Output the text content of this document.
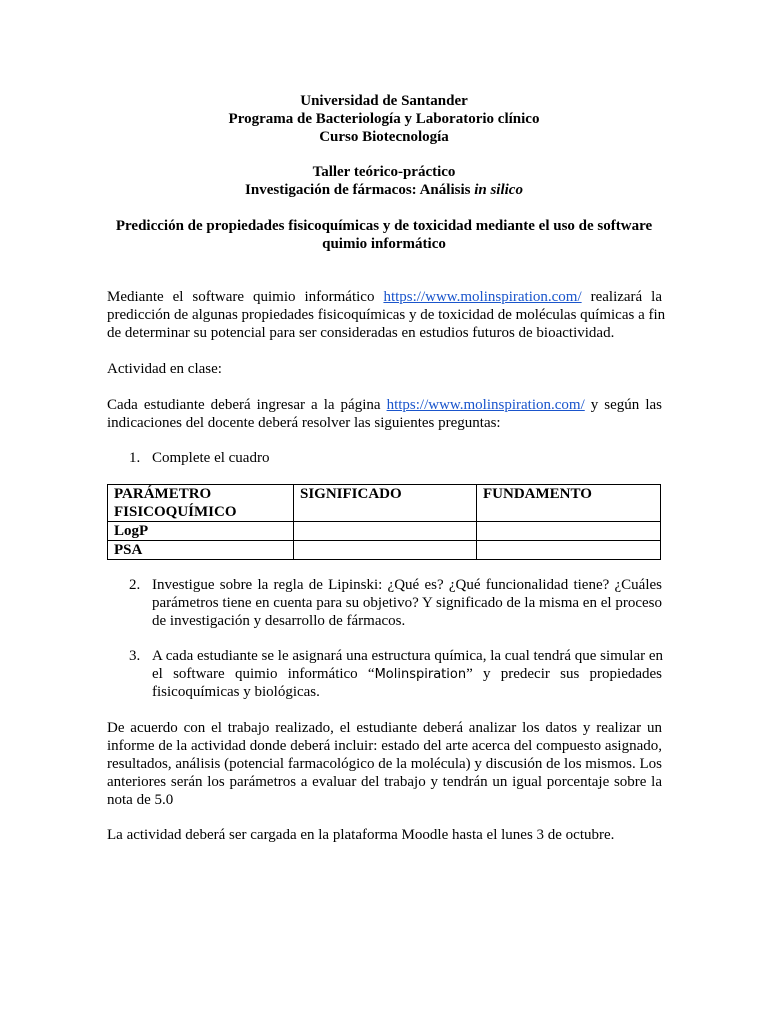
Universidad de Santander
Programa de Bacteriología y Laboratorio clínico
Curso Biotecnología
Taller teórico-práctico
Investigación de fármacos: Análisis in silico
Predicción de propiedades fisicoquímicas y de toxicidad mediante el uso de software
quimio informático
Mediante el software quimio informático https://www.molinspiration.com/ realizará la
predicción de algunas propiedades fisicoquímicas y de toxicidad de moléculas químicas a fin
de determinar su potencial para ser consideradas en estudios futuros de bioactividad.
Actividad en clase:
Cada estudiante deberá ingresar a la página https://www.molinspiration.com/ y según las
indicaciones del docente deberá resolver las siguientes preguntas:
1. Complete el cuadro
PARÁMETRO FISICOQUÍMICO	SIGNIFICADO	FUNDAMENTO
LogP		
PSA		
2. Investigue sobre la regla de Lipinski: ¿Qué es? ¿Qué funcionalidad tiene? ¿Cuáles
parámetros tiene en cuenta para su objetivo? Y significado de la misma en el proceso
de investigación y desarrollo de fármacos.
3. A cada estudiante se le asignará una estructura química, la cual tendrá que simular en
el software quimio informático “Molinspiration” y predecir sus propiedades
fisicoquímicas y biológicas.
De acuerdo con el trabajo realizado, el estudiante deberá analizar los datos y realizar un
informe de la actividad donde deberá incluir: estado del arte acerca del compuesto asignado,
resultados, análisis (potencial farmacológico de la molécula) y discusión de los mismos. Los
anteriores serán los parámetros a evaluar del trabajo y tendrán un igual porcentaje sobre la
nota de 5.0
La actividad deberá ser cargada en la plataforma Moodle hasta el lunes 3 de octubre.
